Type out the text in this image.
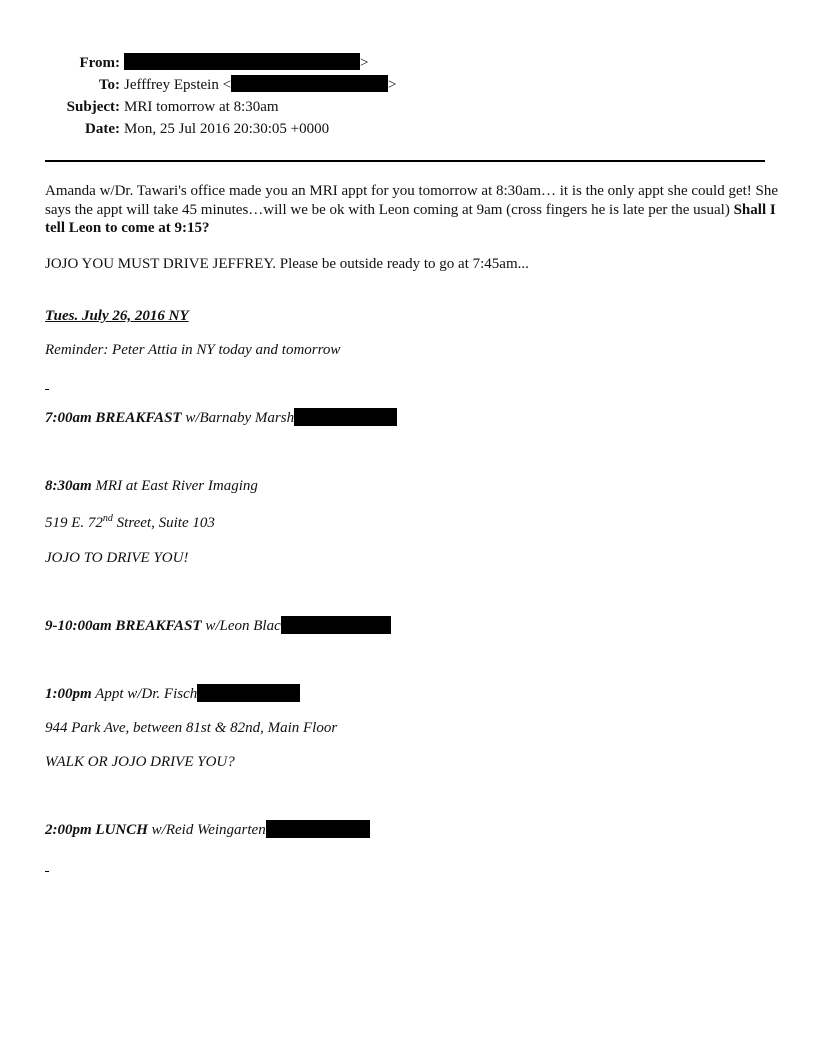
From:	>
To: Jefffrey Epstein <	>
Subject: MRI tomorrow at 8:30am
Date: Mon, 25 Jul 2016 20:30:05 +0000
Amanda w/Dr. Tawari's office made you an MRI appt for you tomorrow at 8:30am… it is the only appt she could get! She says the appt will take 45 minutes…will we be ok with Leon coming at 9am (cross fingers he is late per the usual) Shall I tell Leon to come at 9:15?
JOJO YOU MUST DRIVE JEFFREY. Please be outside ready to go at 7:45am...
Tues. July 26, 2016 NY
Reminder: Peter Attia in NY today and tomorrow
7:00am BREAKFAST w/Barnaby Marsh
8:30am MRI at East River Imaging
519 E. 72nd Street, Suite 103
JOJO TO DRIVE YOU!
9-10:00am BREAKFAST w/Leon Blac
1:00pm Appt w/Dr. Fisch
944 Park Ave, between 81st & 82nd, Main Floor
WALK OR JOJO DRIVE YOU?
2:00pm LUNCH w/Reid Weingarten
